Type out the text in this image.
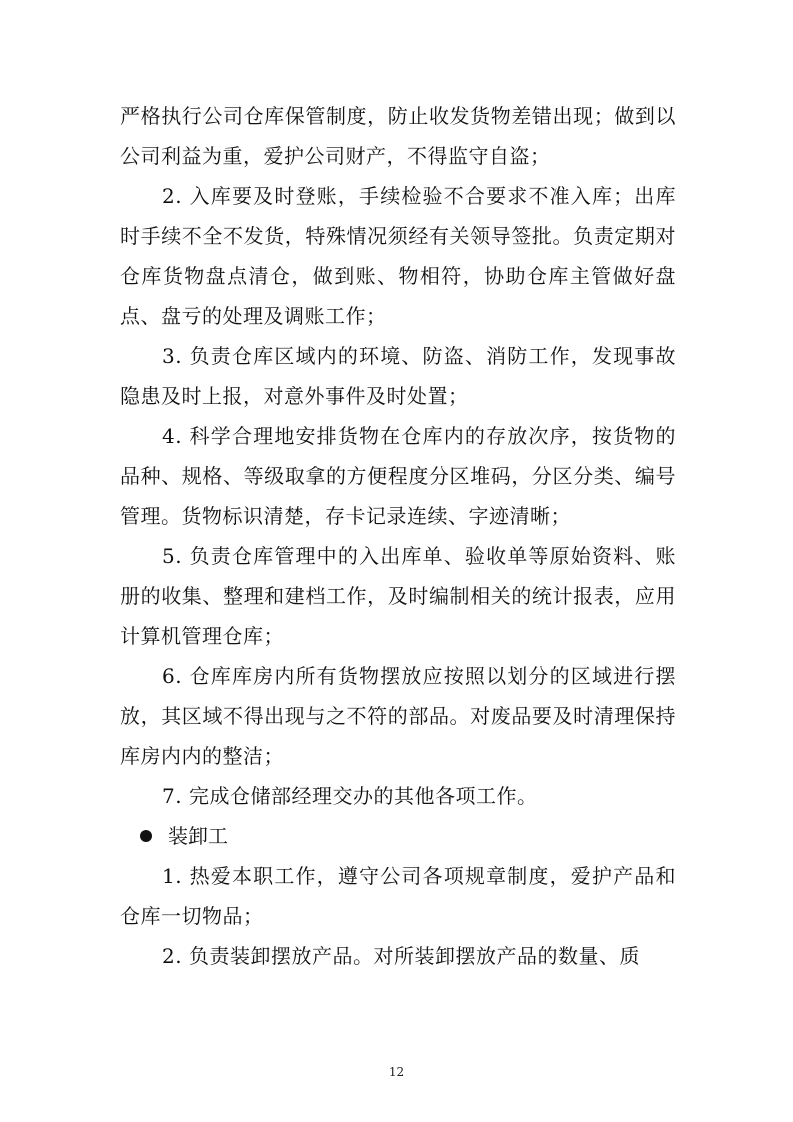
严格执行公司仓库保管制度，防止收发货物差错出现；做到以公司利益为重，爱护公司财产，不得监守自盗；

2. 入库要及时登账，手续检验不合要求不准入库；出库时手续不全不发货，特殊情况须经有关领导签批。负责定期对仓库货物盘点清仓，做到账、物相符，协助仓库主管做好盘点、盘亏的处理及调账工作；

3. 负责仓库区域内的环境、防盗、消防工作，发现事故隐患及时上报，对意外事件及时处置；

4. 科学合理地安排货物在仓库内的存放次序，按货物的品种、规格、等级取拿的方便程度分区堆码，分区分类、编号管理。货物标识清楚，存卡记录连续、字迹清晰；

5. 负责仓库管理中的入出库单、验收单等原始资料、账册的收集、整理和建档工作，及时编制相关的统计报表，应用计算机管理仓库；

6. 仓库库房内所有货物摆放应按照以划分的区域进行摆放，其区域不得出现与之不符的部品。对废品要及时清理保持库房内内的整洁；

7. 完成仓储部经理交办的其他各项工作。

装卸工

1. 热爱本职工作，遵守公司各项规章制度，爱护产品和仓库一切物品；

2. 负责装卸摆放产品。对所装卸摆放产品的数量、质

12
